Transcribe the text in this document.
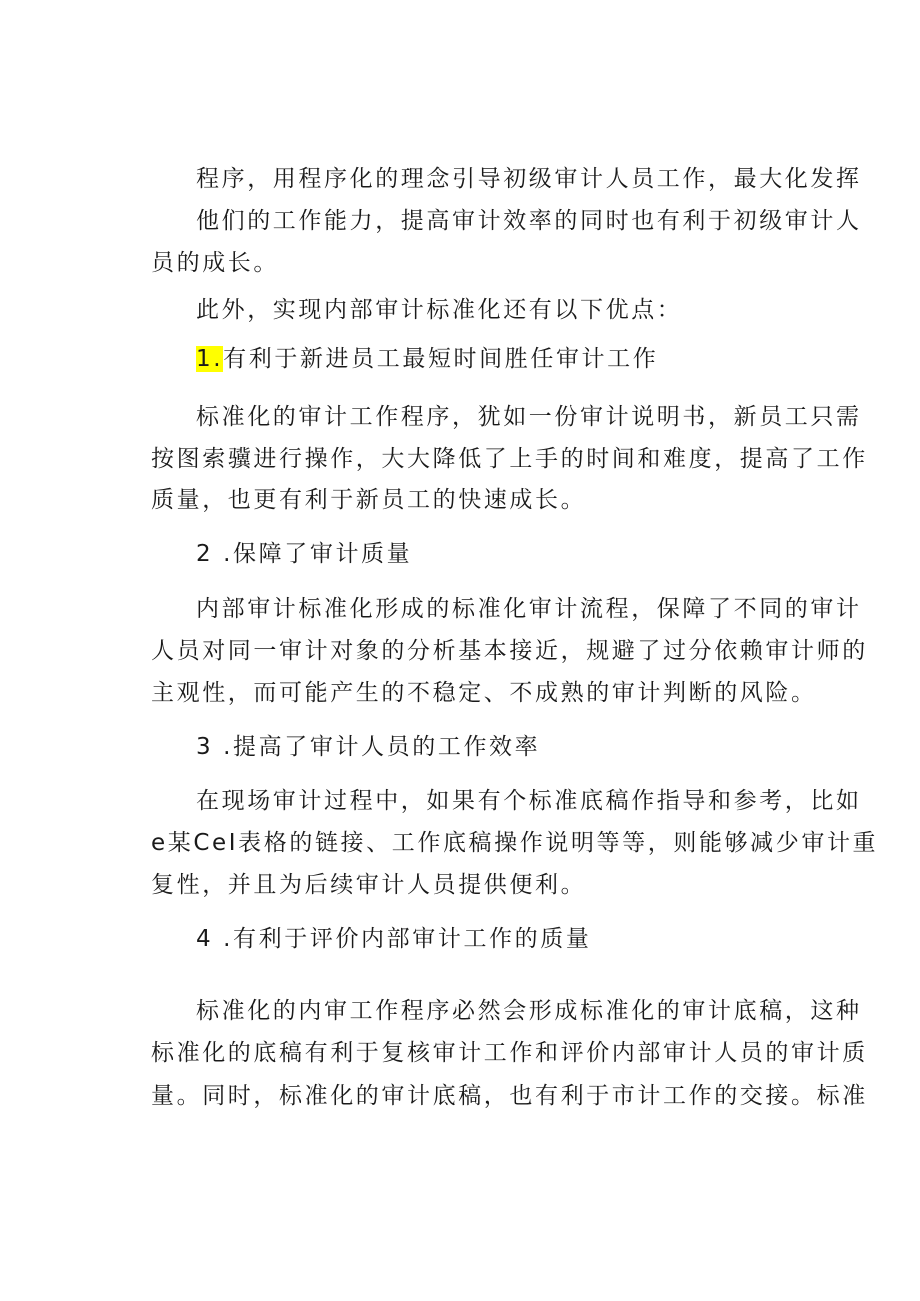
程序，用程序化的理念引导初级审计人员工作，最大化发挥

他们的工作能力，提高审计效率的同时也有利于初级审计人

员的成长。

此外，实现内部审计标准化还有以下优点：

1.有利于新进员工最短时间胜任审计工作

标准化的审计工作程序，犹如一份审计说明书，新员工只需

按图索骥进行操作，大大降低了上手的时间和难度，提高了工作

质量，也更有利于新员工的快速成长。

2 .保障了审计质量

内部审计标准化形成的标准化审计流程，保障了不同的审计

人员对同一审计对象的分析基本接近，规避了过分依赖审计师的

主观性，而可能产生的不稳定、不成熟的审计判断的风险。

3 .提高了审计人员的工作效率

在现场审计过程中，如果有个标准底稿作指导和参考，比如

e某CeI表格的链接、工作底稿操作说明等等，则能够减少审计重

复性，并且为后续审计人员提供便利。

4 .有利于评价内部审计工作的质量

标准化的内审工作程序必然会形成标准化的审计底稿，这种

标准化的底稿有利于复核审计工作和评价内部审计人员的审计质

量。同时，标准化的审计底稿，也有利于市计工作的交接。标准
